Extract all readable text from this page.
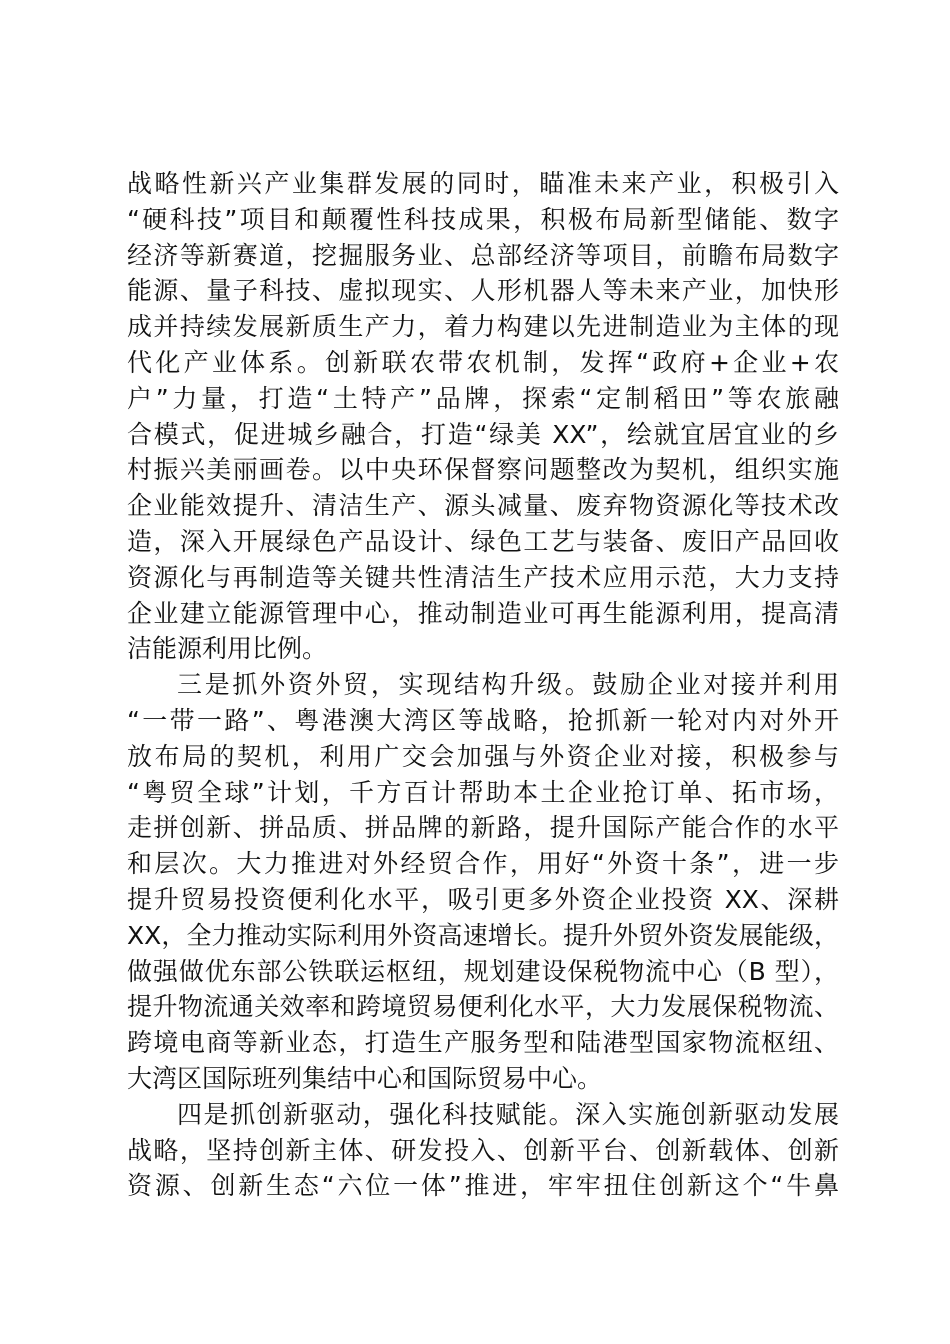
战略性新兴产业集群发展的同时，瞄准未来产业，积极引入
“硬科技”项目和颠覆性科技成果，积极布局新型储能、数字
经济等新赛道，挖掘服务业、总部经济等项目，前瞻布局数字
能源、量子科技、虚拟现实、人形机器人等未来产业，加快形
成并持续发展新质生产力，着力构建以先进制造业为主体的现
代化产业体系。创新联农带农机制，发挥“政府+企业+农
户”力量，打造“土特产”品牌，探索“定制稻田”等农旅融
合模式，促进城乡融合，打造“绿美 XX”，绘就宜居宜业的乡
村振兴美丽画卷。以中央环保督察问题整改为契机，组织实施
企业能效提升、清洁生产、源头减量、废弃物资源化等技术改
造，深入开展绿色产品设计、绿色工艺与装备、废旧产品回收
资源化与再制造等关键共性清洁生产技术应用示范，大力支持
企业建立能源管理中心，推动制造业可再生能源利用，提高清
洁能源利用比例。
三是抓外资外贸，实现结构升级。鼓励企业对接并利用
“一带一路”、粤港澳大湾区等战略，抢抓新一轮对内对外开
放布局的契机，利用广交会加强与外资企业对接，积极参与
“粤贸全球”计划，千方百计帮助本土企业抢订单、拓市场，
走拼创新、拼品质、拼品牌的新路，提升国际产能合作的水平
和层次。大力推进对外经贸合作，用好“外资十条”，进一步
提升贸易投资便利化水平，吸引更多外资企业投资 XX、深耕
XX，全力推动实际利用外资高速增长。提升外贸外资发展能级，
做强做优东部公铁联运枢纽，规划建设保税物流中心（B 型），
提升物流通关效率和跨境贸易便利化水平，大力发展保税物流、
跨境电商等新业态，打造生产服务型和陆港型国家物流枢纽、
大湾区国际班列集结中心和国际贸易中心。
四是抓创新驱动，强化科技赋能。深入实施创新驱动发展
战略，坚持创新主体、研发投入、创新平台、创新载体、创新
资源、创新生态“六位一体”推进，牢牢扭住创新这个“牛鼻
